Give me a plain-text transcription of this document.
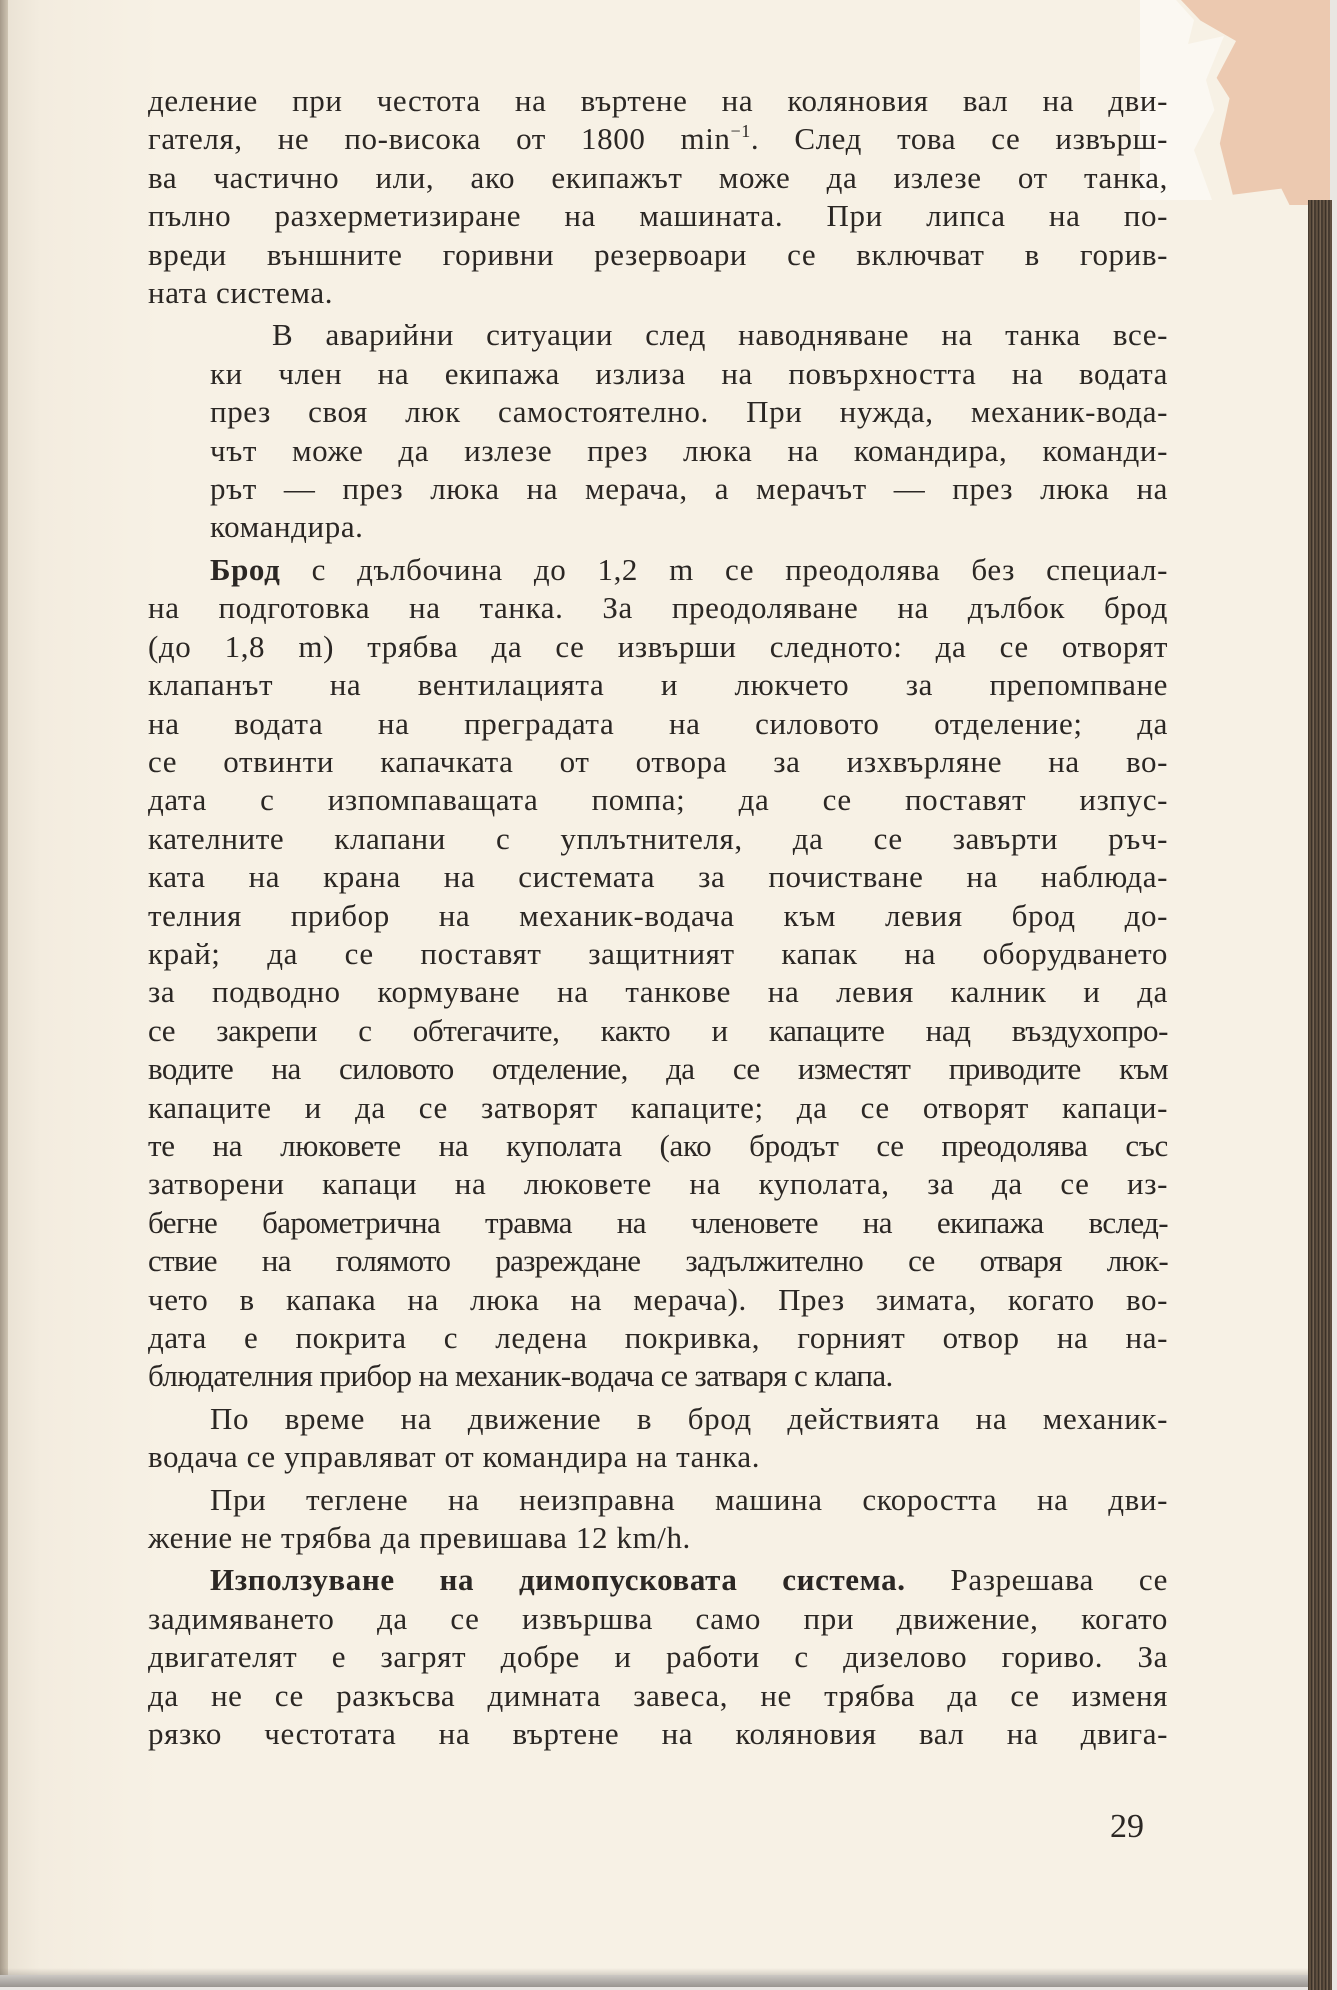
деление при честота на въртене на коляновия вал на дви-
гателя, не по-висока от 1800 $\min^{-1}$. След това се извърш-
ва частично или, ако екипажът може да излезе от танка,
пълно разхерметизиране на машината. При липса на по-
вреди външните горивни резервоари се включват в горив-
ната система.

В аварийни ситуации след наводняване на танка все-
ки член на екипажа излиза на повърхността на водата
през своя люк самостоятелно. При нужда, механик-вода-
чът може да излезе през люка на командира, команди-
рът — през люка на мерача, а мерачът — през люка на
командира.

Брод с дълбочина до 1,2 m се преодолява без специал-
на подготовка на танка. За преодоляване на дълбок брод
(до 1,8 m) трябва да се извърши следното: да се отворят
клапанът на вентилацията и люкчето за препомпване
на водата на преградата на силовото отделение; да
се отвинти капачката от отвора за изхвърляне на во-
дата с изпомпаващата помпа; да се поставят изпус-
кателните клапани с уплътнителя, да се завърти ръч-
ката на крана на системата за почистване на наблюда-
телния прибор на механик-водача към левия брод до-
край; да се поставят защитният капак на оборудването
за подводно кормуване на танкове на левия калник и да
се закрепи с обтегачите, както и капаците над въздухопро-
водите на силовото отделение, да се изместят приводите към
капаците и да се затворят капаците; да се отворят капаци-
те на люковете на куполата (ако бродът се преодолява със
затворени капаци на люковете на куполата, за да се из-
бегне барометрична травма на членовете на екипажа вслед-
ствие на голямото разреждане задължително се отваря люк-
чето в капака на люка на мерача). През зимата, когато во-
дата е покрита с ледена покривка, горният отвор на на-
блюдателния прибор на механик-водача се затваря с клапа.

По време на движение в брод действията на механик-
водача се управляват от командира на танка.

При теглене на неизправна машина скоростта на дви-
жение не трябва да превишава 12 km/h.

Използуване на димопусковата система. Разрешава се
задимяването да се извършва само при движение, когато
двигателят е загрят добре и работи с дизелово гориво. За
да не се разкъсва димната завеса, не трябва да се изменя
рязко честотата на въртене на коляновия вал на двига-

29
